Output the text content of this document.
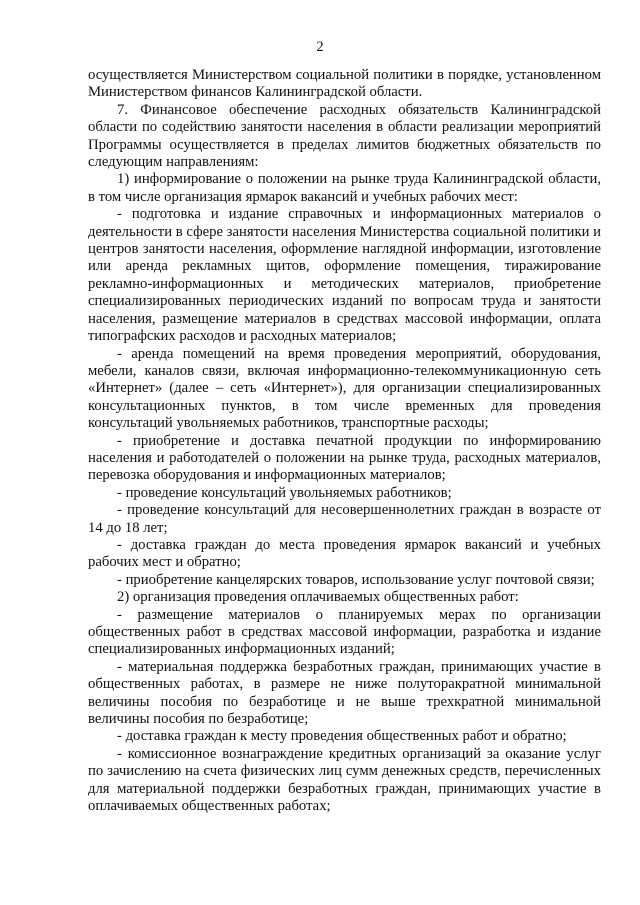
2

осуществляется Министерством социальной политики в порядке, установленном Министерством финансов Калининградской области.

7. Финансовое обеспечение расходных обязательств Калининградской области по содействию занятости населения в области реализации мероприятий Программы осуществляется в пределах лимитов бюджетных обязательств по следующим направлениям:

1) информирование о положении на рынке труда Калининградской области, в том числе организация ярмарок вакансий и учебных рабочих мест:

- подготовка и издание справочных и информационных материалов о деятельности в сфере занятости населения Министерства социальной политики и центров занятости населения, оформление наглядной информации, изготовление или аренда рекламных щитов, оформление помещения, тиражирование рекламно-информационных и методических материалов, приобретение специализированных периодических изданий по вопросам труда и занятости населения, размещение материалов в средствах массовой информации, оплата типографских расходов и расходных материалов;

- аренда помещений на время проведения мероприятий, оборудования, мебели, каналов связи, включая информационно-телекоммуникационную сеть «Интернет» (далее – сеть «Интернет»), для организации специализированных консультационных пунктов, в том числе временных для проведения консультаций увольняемых работников, транспортные расходы;

- приобретение и доставка печатной продукции по информированию населения и работодателей о положении на рынке труда, расходных материалов, перевозка оборудования и информационных материалов;

- проведение консультаций увольняемых работников;

- проведение консультаций для несовершеннолетних граждан в возрасте от 14 до 18 лет;

- доставка граждан до места проведения ярмарок вакансий и учебных рабочих мест и обратно;

- приобретение канцелярских товаров, использование услуг почтовой связи;

2) организация проведения оплачиваемых общественных работ:

- размещение материалов о планируемых мерах по организации общественных работ в средствах массовой информации, разработка и издание специализированных информационных изданий;

- материальная поддержка безработных граждан, принимающих участие в общественных работах, в размере не ниже полуторакратной минимальной величины пособия по безработице и не выше трехкратной минимальной величины пособия по безработице;

- доставка граждан к месту проведения общественных работ и обратно;

- комиссионное вознаграждение кредитных организаций за оказание услуг по зачислению на счета физических лиц сумм денежных средств, перечисленных для материальной поддержки безработных граждан, принимающих участие в оплачиваемых общественных работах;
